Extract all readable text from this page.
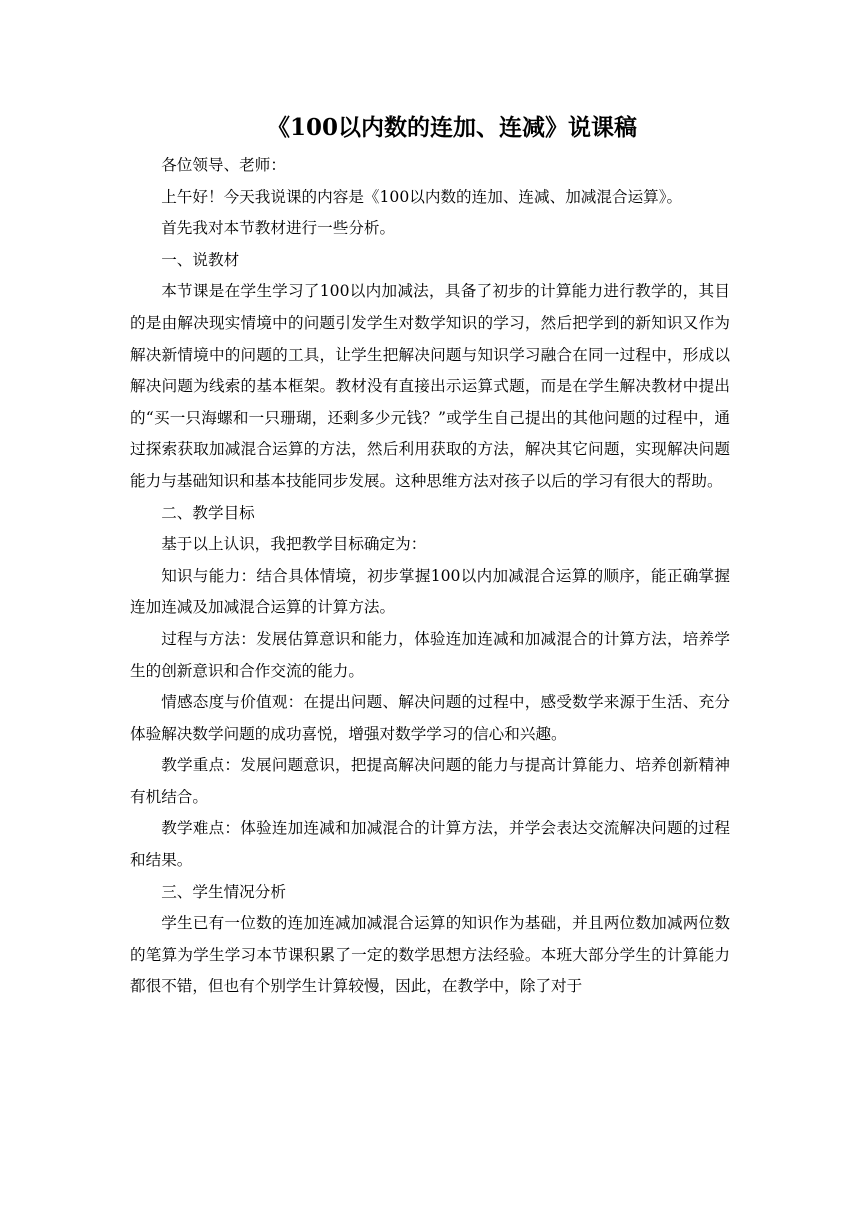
《100以内数的连加、连减》说课稿

各位领导、老师：

上午好！今天我说课的内容是《100以内数的连加、连减、加减混合运算》。

首先我对本节教材进行一些分析。

一、说教材

本节课是在学生学习了100以内加减法，具备了初步的计算能力进行教学的，其目的是由解决现实情境中的问题引发学生对数学知识的学习，然后把学到的新知识又作为解决新情境中的问题的工具，让学生把解决问题与知识学习融合在同一过程中，形成以解决问题为线索的基本框架。教材没有直接出示运算式题，而是在学生解决教材中提出的“买一只海螺和一只珊瑚，还剩多少元钱？”或学生自己提出的其他问题的过程中，通过探索获取加减混合运算的方法，然后利用获取的方法，解决其它问题，实现解决问题能力与基础知识和基本技能同步发展。这种思维方法对孩子以后的学习有很大的帮助。

二、教学目标

基于以上认识，我把教学目标确定为：

知识与能力：结合具体情境，初步掌握100以内加减混合运算的顺序，能正确掌握连加连减及加减混合运算的计算方法。

过程与方法：发展估算意识和能力，体验连加连减和加减混合的计算方法，培养学生的创新意识和合作交流的能力。

情感态度与价值观：在提出问题、解决问题的过程中，感受数学来源于生活、充分体验解决数学问题的成功喜悦，增强对数学学习的信心和兴趣。

教学重点：发展问题意识，把提高解决问题的能力与提高计算能力、培养创新精神有机结合。

教学难点：体验连加连减和加减混合的计算方法，并学会表达交流解决问题的过程和结果。

三、学生情况分析

学生已有一位数的连加连减加减混合运算的知识作为基础，并且两位数加减两位数的笔算为学生学习本节课积累了一定的数学思想方法经验。本班大部分学生的计算能力都很不错，但也有个别学生计算较慢，因此，在教学中，除了对于
